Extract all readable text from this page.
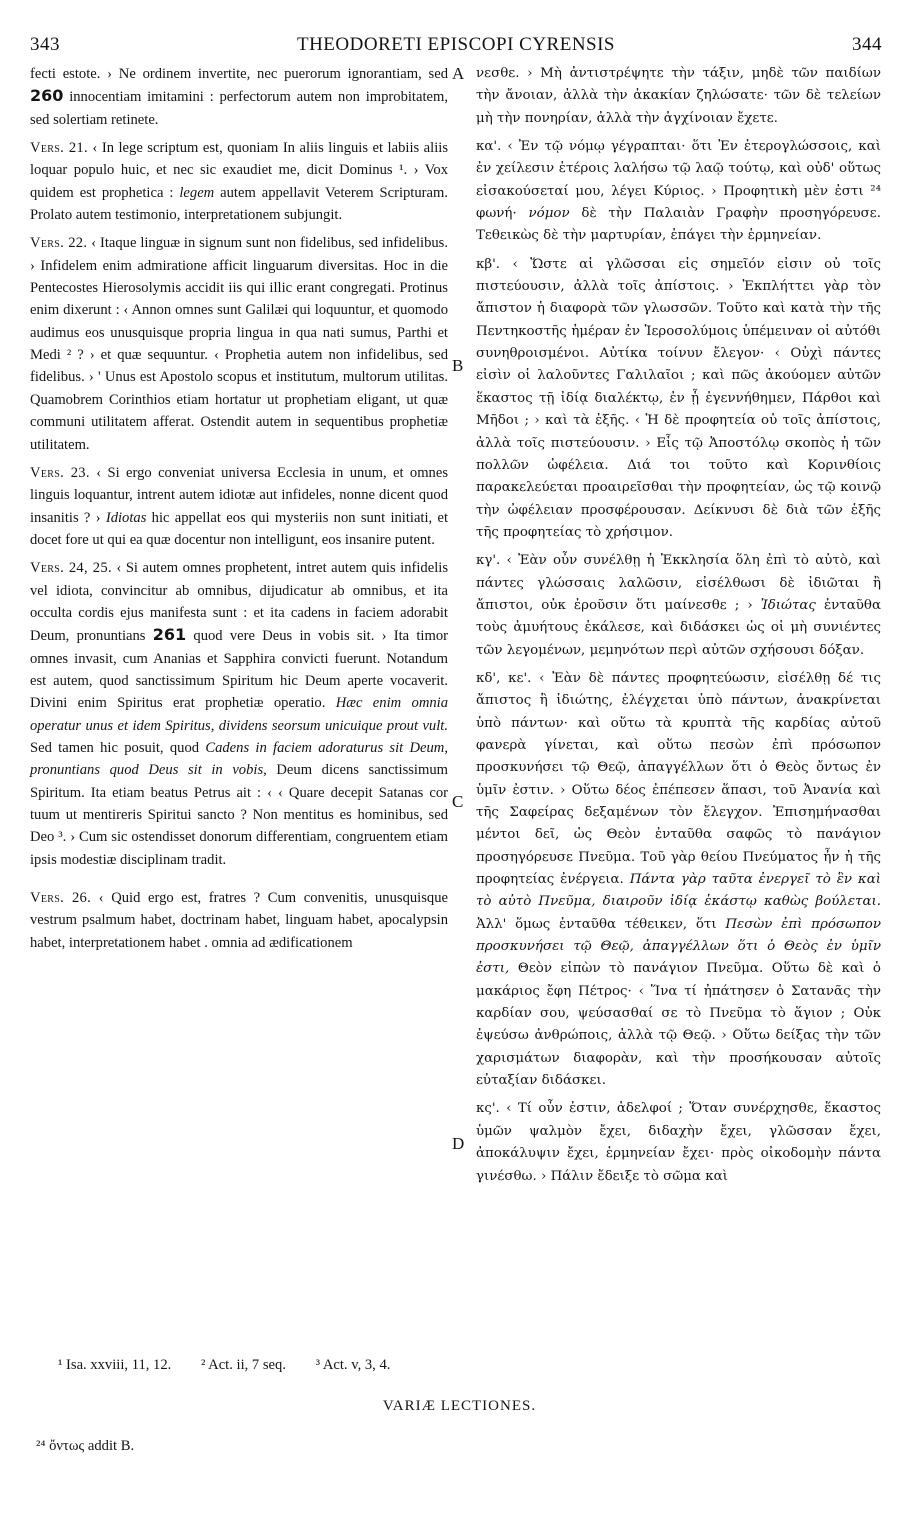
343	THEODORETI EPISCOPI CYRENSIS	344
A
B
C
D

fecti estote. › Ne ordinem invertite, nec puerorum ignorantiam, sed 260 innocentiam imitamini : perfectorum autem non improbitatem, sed solertiam retinete.

Vers. 21. ‹ In lege scriptum est, quoniam In aliis linguis et labiis aliis loquar populo huic, et nec sic exaudiet me, dicit Dominus ¹. › Vox quidem est prophetica : legem autem appellavit Veterem Scripturam. Prolato autem testimonio, interpretationem subjungit.

Vers. 22. ‹ Itaque linguæ in signum sunt non fidelibus, sed infidelibus. › Infidelem enim admiratione afficit linguarum diversitas. Hoc in die Pentecostes Hierosolymis accidit iis qui illic erant congregati. Protinus enim dixerunt : ‹ Annon omnes sunt Galilæi qui loquuntur, et quomodo audimus eos unusquisque propria lingua in qua nati sumus, Parthi et Medi ² ? › et quæ sequuntur. ‹ Prophetia autem non infidelibus, sed fidelibus. › ' Unus est Apostolo scopus et institutum, multorum utilitas. Quamobrem Corinthios etiam hortatur ut prophetiam eligant, ut quæ communi utilitatem afferat. Ostendit autem in sequentibus prophetiæ utilitatem.

Vers. 23. ‹ Si ergo conveniat universa Ecclesia in unum, et omnes linguis loquantur, intrent autem idiotæ aut infideles, nonne dicent quod insanitis ? › Idiotas hic appellat eos qui mysteriis non sunt initiati, et docet fore ut qui ea quæ docentur non intelligunt, eos insanire putent.

Vers. 24, 25. ‹ Si autem omnes prophetent, intret autem quis infidelis vel idiota, convincitur ab omnibus, dijudicatur ab omnibus, et ita occulta cordis ejus manifesta sunt : et ita cadens in faciem adorabit Deum, pronuntians 261 quod vere Deus in vobis sit. › Ita timor omnes invasit, cum Ananias et Sapphira convicti fuerunt. Notandum est autem, quod sanctissimum Spiritum hic Deum aperte vocaverit. Divini enim Spiritus erat prophetiæ operatio. Hæc enim omnia operatur unus et idem Spiritus, dividens seorsum unicuique prout vult. Sed tamen hic posuit, quod Cadens in faciem adoraturus sit Deum, pronuntians quod Deus sit in vobis, Deum dicens sanctissimum Spiritum. Ita etiam beatus Petrus ait : ‹ ‹ Quare decepit Satanas cor tuum ut mentireris Spiritui sancto ? Non mentitus es hominibus, sed Deo ³. › Cum sic ostendisset donorum differentiam, congruentem etiam ipsis modestiæ disciplinam tradit.

Vers. 26. ‹ Quid ergo est, fratres ? Cum convenitis, unusquisque vestrum psalmum habet, doctrinam habet, linguam habet, apocalypsin habet, interpretationem habet . omnia ad ædificationem

νεσθε. › Μὴ ἀντιστρέψητε τὴν τάξιν, μηδὲ τῶν παιδίων τὴν ἄνοιαν, ἀλλὰ τὴν ἀκακίαν ζηλώσατε· τῶν δὲ τελείων μὴ τὴν πονηρίαν, ἀλλὰ τὴν ἀγχίνοιαν ἔχετε.

κα'. ‹ Ἐν τῷ νόμῳ γέγραπται· ὅτι Ἐν ἑτερογλώσσοις, καὶ ἐν χείλεσιν ἑτέροις λαλήσω τῷ λαῷ τούτῳ, καὶ οὐδ' οὕτως εἰσακούσεταί μου, λέγει Κύριος. › Προφητικὴ μὲν ἐστι ²⁴ φωνή· νόμον δὲ τὴν Παλαιὰν Γραφὴν προσηγόρευσε. Τεθεικὼς δὲ τὴν μαρτυρίαν, ἐπάγει τὴν ἑρμηνείαν.

κβ'. ‹ Ὥστε αἱ γλῶσσαι εἰς σημεῖόν εἰσιν οὐ τοῖς πιστεύουσιν, ἀλλὰ τοῖς ἀπίστοις. › Ἐκπλήττει γὰρ τὸν ἄπιστον ἡ διαφορὰ τῶν γλωσσῶν. Τοῦτο καὶ κατὰ τὴν τῆς Πεντηκοστῆς ἡμέραν ἐν Ἱεροσολύμοις ὑπέμειναν οἱ αὐτόθι συνηθροισμένοι. Αὐτίκα τοίνυν ἔλεγον· ‹ Οὐχὶ πάντες εἰσὶν οἱ λαλοῦντες Γαλιλαῖοι ; καὶ πῶς ἀκούομεν αὐτῶν ἕκαστος τῇ ἰδίᾳ διαλέκτῳ, ἐν ᾗ ἐγεννήθημεν, Πάρθοι καὶ Μῆδοι ; › καὶ τὰ ἑξῆς. ‹ Ἡ δὲ προφητεία οὐ τοῖς ἀπίστοις, ἀλλὰ τοῖς πιστεύουσιν. › Εἷς τῷ Ἀποστόλῳ σκοπὸς ἡ τῶν πολλῶν ὠφέλεια. Διά τοι τοῦτο καὶ Κορινθίοις παρακελεύεται προαιρεῖσθαι τὴν προφητείαν, ὡς τῷ κοινῷ τὴν ὠφέλειαν προσφέρουσαν. Δείκνυσι δὲ διὰ τῶν ἑξῆς τῆς προφητείας τὸ χρήσιμον.

κγ'. ‹ Ἐὰν οὖν συνέλθῃ ἡ Ἐκκλησία ὅλη ἐπὶ τὸ αὐτὸ, καὶ πάντες γλώσσαις λαλῶσιν, εἰσέλθωσι δὲ ἰδιῶται ἢ ἄπιστοι, οὐκ ἐροῦσιν ὅτι μαίνεσθε ; › Ἰδιώτας ἐνταῦθα τοὺς ἀμυήτους ἐκάλεσε, καὶ διδάσκει ὡς οἱ μὴ συνιέντες τῶν λεγομένων, μεμηνότων περὶ αὐτῶν σχήσουσι δόξαν.

κδ', κε'. ‹ Ἐὰν δὲ πάντες προφητεύωσιν, εἰσέλθῃ δέ τις ἄπιστος ἢ ἰδιώτης, ἐλέγχεται ὑπὸ πάντων, ἀνακρίνεται ὑπὸ πάντων· καὶ οὕτω τὰ κρυπτὰ τῆς καρδίας αὐτοῦ φανερὰ γίνεται, καὶ οὕτω πεσὼν ἐπὶ πρόσωπον προσκυνήσει τῷ Θεῷ, ἀπαγγέλλων ὅτι ὁ Θεὸς ὄντως ἐν ὑμῖν ἐστιν. › Οὕτω δέος ἐπέπεσεν ἅπασι, τοῦ Ἀνανία καὶ τῆς Σαφείρας δεξαμένων τὸν ἔλεγχον. Ἐπισημήνασθαι μέντοι δεῖ, ὡς Θεὸν ἐνταῦθα σαφῶς τὸ πανάγιον προσηγόρευσε Πνεῦμα. Τοῦ γὰρ θείου Πνεύματος ἦν ἡ τῆς προφητείας ἐνέργεια. Πάντα γὰρ ταῦτα ἐνεργεῖ τὸ ἓν καὶ τὸ αὐτὸ Πνεῦμα, διαιροῦν ἰδίᾳ ἑκάστῳ καθὼς βούλεται. Ἀλλ' ὅμως ἐνταῦθα τέθεικεν, ὅτι Πεσὼν ἐπὶ πρόσωπον προσκυνήσει τῷ Θεῷ, ἀπαγγέλλων ὅτι ὁ Θεὸς ἐν ὑμῖν ἐστι, Θεὸν εἰπὼν τὸ πανάγιον Πνεῦμα. Οὕτω δὲ καὶ ὁ μακάριος ἔφη Πέτρος· ‹ Ἵνα τί ἠπάτησεν ὁ Σατανᾶς τὴν καρδίαν σου, ψεύσασθαί σε τὸ Πνεῦμα τὸ ἅγιον ; Οὐκ ἐψεύσω ἀνθρώποις, ἀλλὰ τῷ Θεῷ. › Οὕτω δείξας τὴν τῶν χαρισμάτων διαφορὰν, καὶ τὴν προσήκουσαν αὐτοῖς εὐταξίαν διδάσκει.

κς'. ‹ Τί οὖν ἐστιν, ἀδελφοί ; Ὅταν συνέρχησθε, ἕκαστος ὑμῶν ψαλμὸν ἔχει, διδαχὴν ἔχει, γλῶσσαν ἔχει, ἀποκάλυψιν ἔχει, ἑρμηνείαν ἔχει· πρὸς οἰκοδομὴν πάντα γινέσθω. › Πάλιν ἔδειξε τὸ σῶμα καὶ

¹ Isa. xxviii, 11, 12. ² Act. ii, 7 seq. ³ Act. v, 3, 4.
VARIÆ LECTIONES.
²⁴ ὄντως addit B.
